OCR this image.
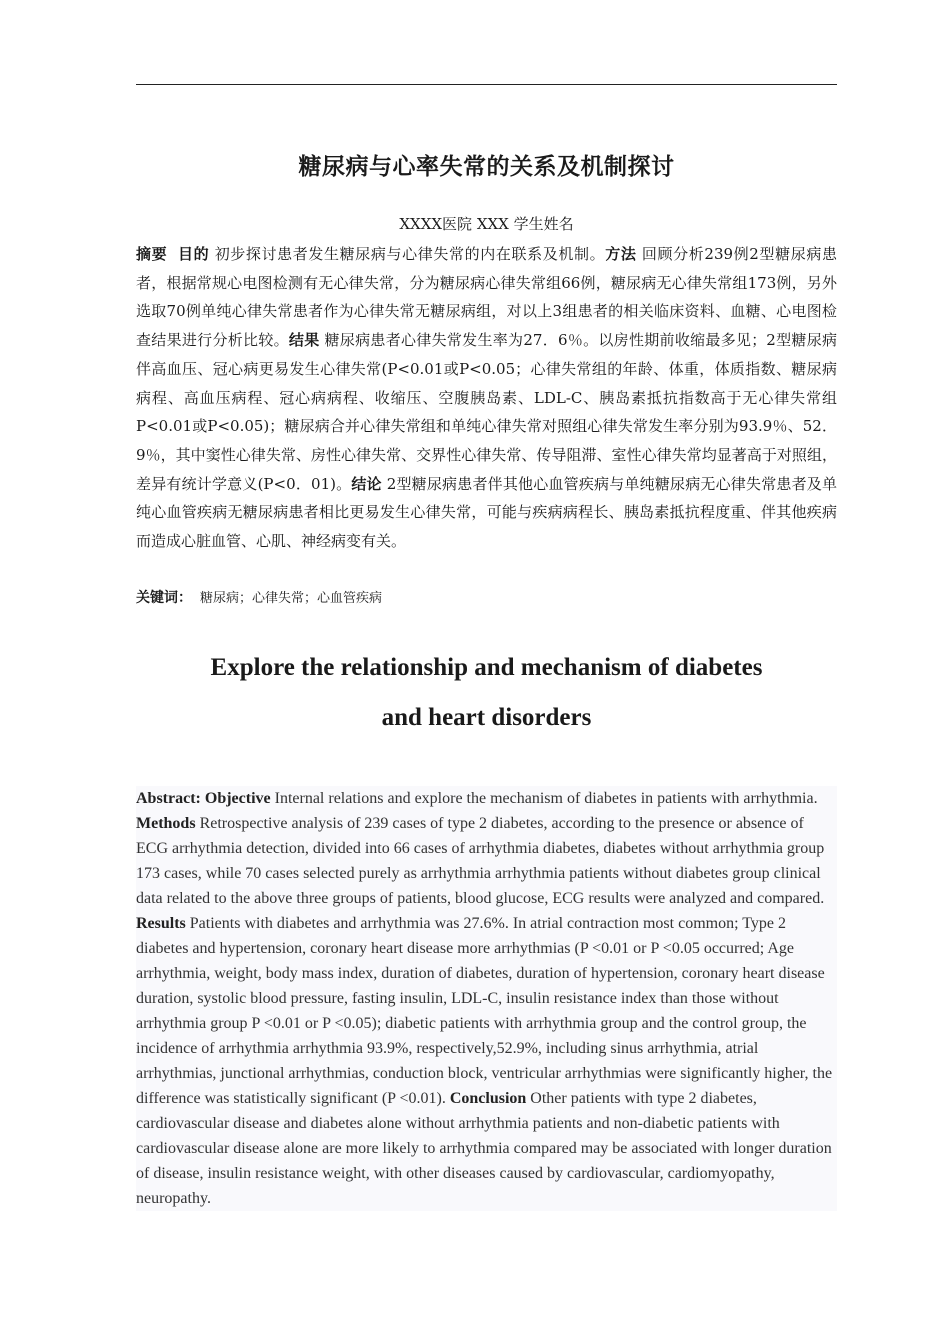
糖尿病与心率失常的关系及机制探讨
XXXX医院 XXX 学生姓名
摘要 目的 初步探讨患者发生糖尿病与心律失常的内在联系及机制。方法 回顾分析239例2型糖尿病患者，根据常规心电图检测有无心律失常，分为糖尿病心律失常组66例，糖尿病无心律失常组173例，另外选取70例单纯心律失常患者作为心律失常无糖尿病组，对以上3组患者的相关临床资料、血糖、心电图检查结果进行分析比较。结果 糖尿病患者心律失常发生率为27．6％。以房性期前收缩最多见；2型糖尿病伴高血压、冠心病更易发生心律失常(P<0.01或P<0.05；心律失常组的年龄、体重，体质指数、糖尿病病程、高血压病程、冠心病病程、收缩压、空腹胰岛素、LDL-C、胰岛素抵抗指数高于无心律失常组P<0.01或P<0.05)；糖尿病合并心律失常组和单纯心律失常对照组心律失常发生率分别为93.9％、52．9％，其中窦性心律失常、房性心律失常、交界性心律失常、传导阻滞、室性心律失常均显著高于对照组，差异有统计学意义(P<0．01)。结论 2型糖尿病患者伴其他心血管疾病与单纯糖尿病无心律失常患者及单纯心血管疾病无糖尿病患者相比更易发生心律失常，可能与疾病病程长、胰岛素抵抗程度重、伴其他疾病而造成心脏血管、心肌、神经病变有关。
关键词： 糖尿病；心律失常；心血管疾病
Explore the relationship and mechanism of diabetes
and heart disorders
Abstract: Objective Internal relations and explore the mechanism of diabetes in patients with arrhythmia. Methods Retrospective analysis of 239 cases of type 2 diabetes, according to the presence or absence of ECG arrhythmia detection, divided into 66 cases of arrhythmia diabetes, diabetes without arrhythmia group 173 cases, while 70 cases selected purely as arrhythmia arrhythmia patients without diabetes group clinical data related to the above three groups of patients, blood glucose, ECG results were analyzed and compared. Results Patients with diabetes and arrhythmia was 27.6%. In atrial contraction most common; Type 2 diabetes and hypertension, coronary heart disease more arrhythmias (P <0.01 or P <0.05 occurred; Age arrhythmia, weight, body mass index, duration of diabetes, duration of hypertension, coronary heart disease duration, systolic blood pressure, fasting insulin, LDL-C, insulin resistance index than those without arrhythmia group P <0.01 or P <0.05); diabetic patients with arrhythmia group and the control group, the incidence of arrhythmia arrhythmia 93.9%, respectively,52.9%, including sinus arrhythmia, atrial arrhythmias, junctional arrhythmias, conduction block, ventricular arrhythmias were significantly higher, the difference was statistically significant (P <0.01). Conclusion Other patients with type 2 diabetes, cardiovascular disease and diabetes alone without arrhythmia patients and non-diabetic patients with cardiovascular disease alone are more likely to arrhythmia compared may be associated with longer duration of disease, insulin resistance weight, with other diseases caused by cardiovascular, cardiomyopathy, neuropathy.
